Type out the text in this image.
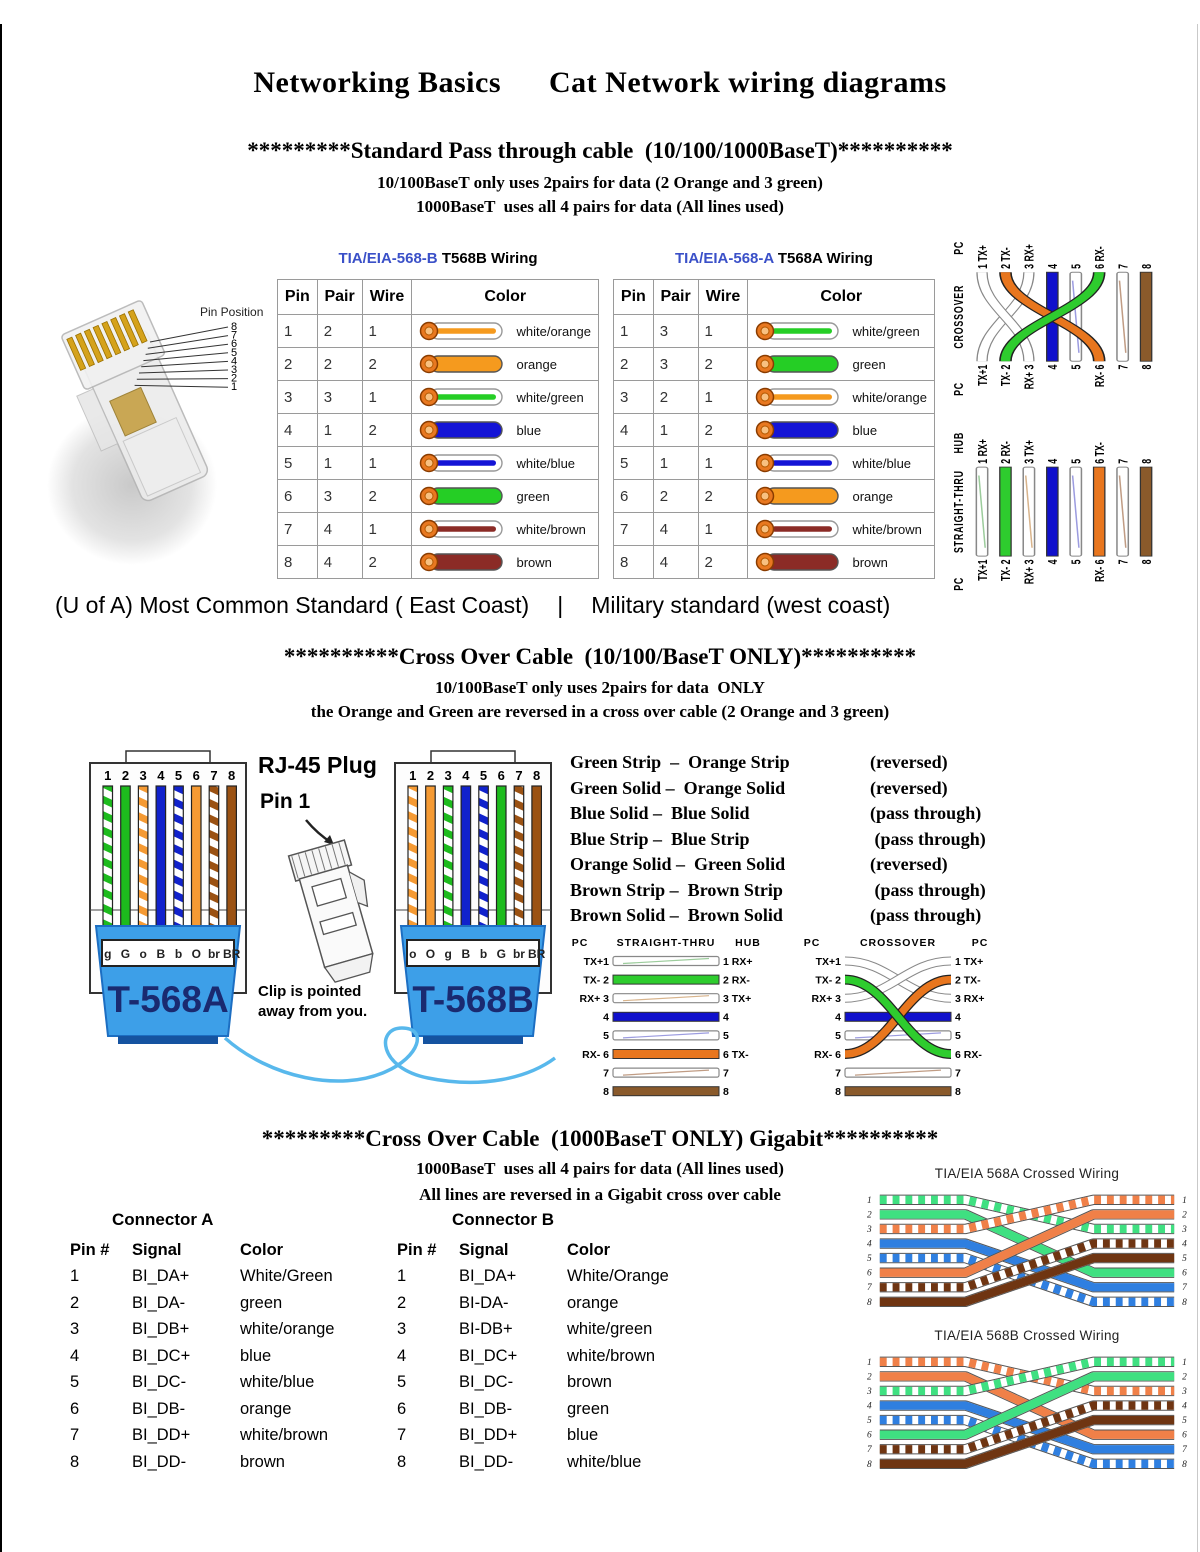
Networking Basics Cat Network wiring diagrams
*********Standard Pass through cable  (10/100/1000BaseT)**********
10/100BaseT only uses 2pairs for data (2 Orange and 3 green)
1000BaseT  uses all 4 pairs for data (All lines used)
8
7
6
5
4
3
2
1
Pin Position
TIA/EIA-568-B T568B Wiring
Pin	Pair	Wire	Color
1	2	1	white/orange

2	2	2	orange

3	3	1	white/green

4	1	2	blue

5	1	1	white/blue

6	3	2	green

7	4	1	white/brown

8	4	2	brown
TIA/EIA-568-A T568A Wiring
Pin	Pair	Wire	Color
1	3	1	white/green

2	3	2	green

3	2	1	white/orange

4	1	2	blue

5	1	1	white/blue

6	2	2	orange

7	4	1	white/brown

8	4	2	brown
PC
STRAIGHT-THRU
HUB
TX+1
1 RX+
TX- 2
2 RX-
RX+ 3
3 TX+
4
4
5
5
RX- 6
6 TX-
7
7
8
8
PC
CROSSOVER
PC
TX+1
1 TX+
TX- 2
2 TX-
RX+ 3
3 RX+
4
4
5
5
RX- 6
6 RX-
7
7
8
8
(U of A) Most Common Standard ( East Coast) | Military standard (west coast)
**********Cross Over Cable  (10/100/BaseT ONLY)**********
10/100BaseT only uses 2pairs for data  ONLY
the Orange and Green are reversed in a cross over cable (2 Orange and 3 green)
1 2 3 4 5 6 7 8
g G o B b O br BR
T-568A
1 2 3 4 5 6 7 8
o O g B b G br BR
T-568B
RJ-45 Plug
Pin 1
Clip is pointed
away from you.
Green Strip  –  Orange Strip	(reversed)
Green Solid –  Orange Solid	(reversed)
Blue Solid –  Blue Solid	(pass through)
Blue Strip –  Blue Strip	(pass through)
Orange Solid –  Green Solid	(reversed)
Brown Strip –  Brown Strip	(pass through)
Brown Solid –  Brown Solid	(pass through)
PC	STRAIGHT-THRU HUB
TX+1	1 RX+
TX- 2	2 RX-
RX+ 3	3 TX+
4	4
5	5
RX- 6	6 TX-
7	7
8	8
PC	CROSSOVER	PC
TX+1	1 TX+
TX- 2	2 TX-
RX+ 3	3 RX+
4	4
5	5
RX- 6	6 RX-
7	7
8	8
*********Cross Over Cable  (1000BaseT ONLY) Gigabit**********
1000BaseT  uses all 4 pairs for data (All lines used)
All lines are reversed in a Gigabit cross over cable
Connector A	Connector B
Pin #	Signal	Color
1	BI_DA+	White/Green
2	BI_DA-	green
3	BI_DB+	white/orange
4	BI_DC+	blue
5	BI_DC-	white/blue
6	BI_DB-	orange
7	BI_DD+	white/brown
8	BI_DD-	brown
Pin #	Signal	Color
1	BI_DA+	White/Orange
2	BI-DA-	orange
3	BI-DB+	white/green
4	BI_DC+	white/brown
5	BI_DC-	brown
6	BI_DB-	green
7	BI_DD+	blue
8	BI_DD-	white/blue
TIA/EIA 568A Crossed Wiring
1	1
2	2
3	3
4	4
5	5
6	6
7	7
8	8
TIA/EIA 568B Crossed Wiring
1	1
2	2
3	3
4	4
5	5
6	6
7	7
8	8
